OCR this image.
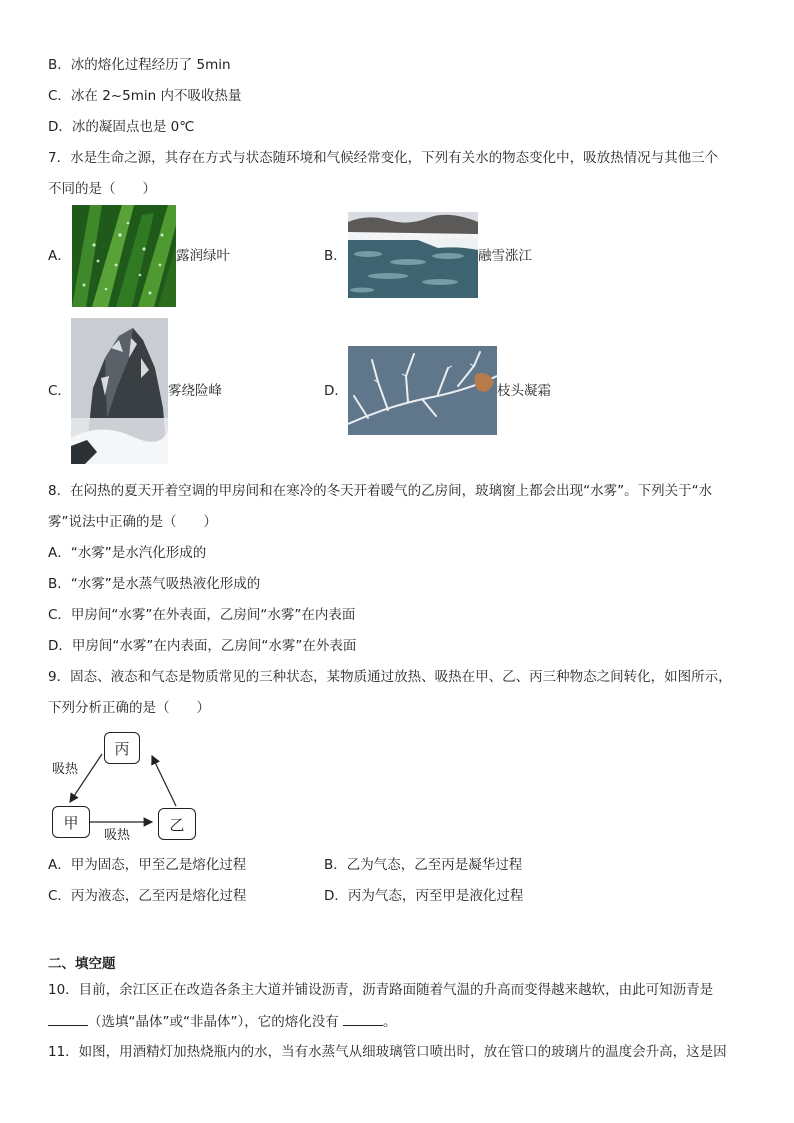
B．冰的熔化过程经历了 5min
C．冰在 2~5min 内不吸收热量
D．冰的凝固点也是 0℃
7．水是生命之源，其存在方式与状态随环境和气候经常变化，下列有关水的物态变化中，吸放热情况与其他三个
不同的是（　　）
A．	露润绿叶	B．	融雪涨江
C．	雾绕险峰	D．	枝头凝霜
8．在闷热的夏天开着空调的甲房间和在寒冷的冬天开着暖气的乙房间，玻璃窗上都会出现“水雾”。下列关于“水
雾”说法中正确的是（　　）
A．“水雾”是水汽化形成的
B．“水雾”是水蒸气吸热液化形成的
C．甲房间“水雾”在外表面，乙房间“水雾”在内表面
D．甲房间“水雾”在内表面，乙房间“水雾”在外表面
9．固态、液态和气态是物质常见的三种状态，某物质通过放热、吸热在甲、乙、丙三种物态之间转化，如图所示，
下列分析正确的是（　　）
丙
甲	乙
吸热
吸热
A．甲为固态，甲至乙是熔化过程	B．乙为气态，乙至丙是凝华过程
C．丙为液态，乙至丙是熔化过程	D．丙为气态，丙至甲是液化过程
二、填空题
10．目前，余江区正在改造各条主大道并铺设沥青，沥青路面随着气温的升高而变得越来越软，由此可知沥青是
（选填“晶体”或“非晶体”），它的熔化没有	。
11．如图，用酒精灯加热烧瓶内的水，当有水蒸气从细玻璃管口喷出时，放在管口的玻璃片的温度会升高，这是因
